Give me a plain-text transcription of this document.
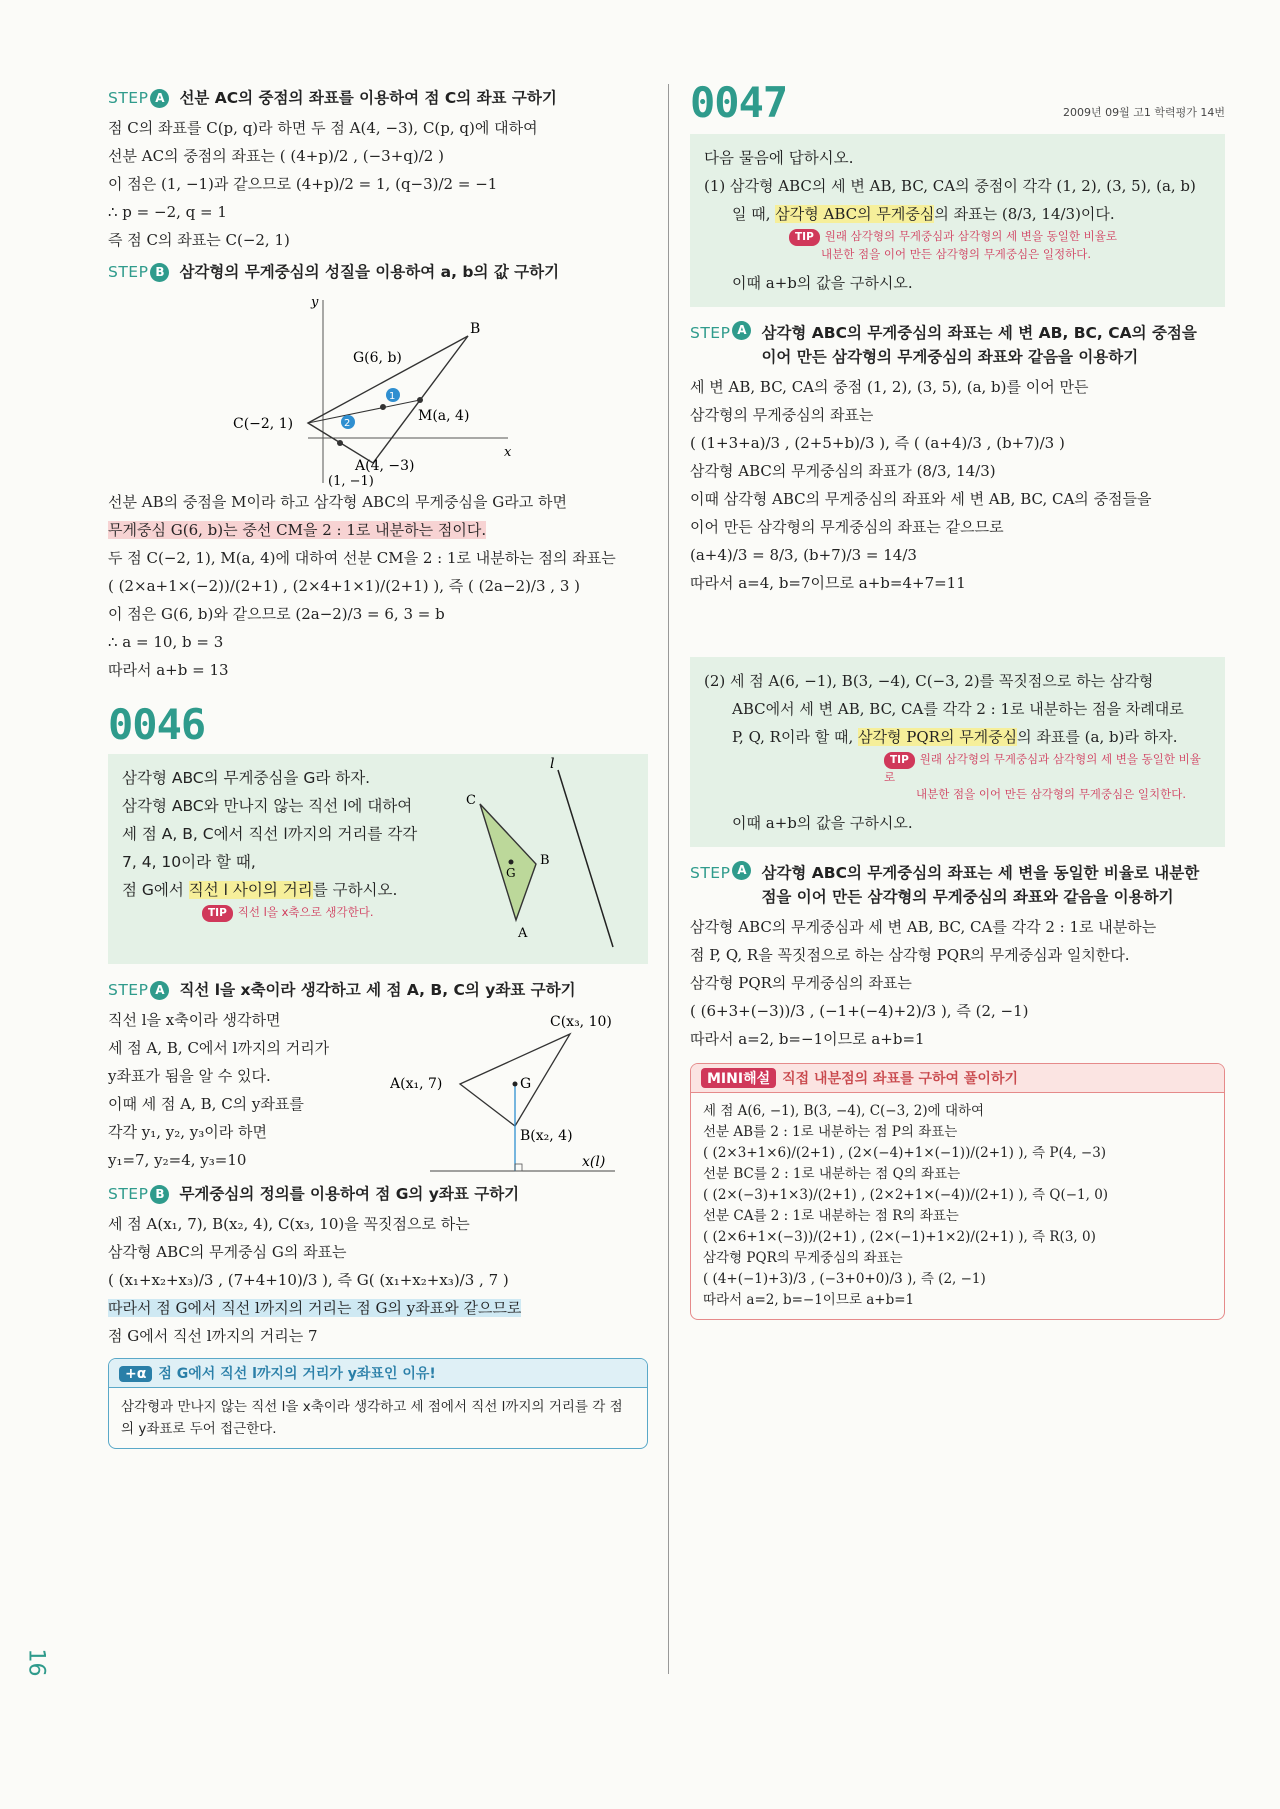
16
STEP A 선분 AC의 중점의 좌표를 이용하여 점 C의 좌표 구하기
점 C의 좌표를 C(p, q)라 하면 두 점 A(4, −3), C(p, q)에 대하여
선분 AC의 중점의 좌표는 ( (4+p)/2 , (−3+q)/2 )
이 점은 (1, −1)과 같으므로 (4+p)/2 = 1, (q−3)/2 = −1
∴ p = −2, q = 1
즉 점 C의 좌표는 C(−2, 1)
STEP B 삼각형의 무게중심의 성질을 이용하여 a, b의 값 구하기
y
x
1
2
B
G(6, b)
M(a, 4)
C(−2, 1)
A(4, −3)
(1, −1)
선분 AB의 중점을 M이라 하고 삼각형 ABC의 무게중심을 G라고 하면
무게중심 G(6, b)는 중선 CM을 2 : 1로 내분하는 점이다.
두 점 C(−2, 1), M(a, 4)에 대하여 선분 CM을 2 : 1로 내분하는 점의 좌표는
( (2×a+1×(−2))/(2+1) , (2×4+1×1)/(2+1) ), 즉 ( (2a−2)/3 , 3 )
이 점은 G(6, b)와 같으므로 (2a−2)/3 = 6, 3 = b
∴ a = 10, b = 3
따라서 a+b = 13
0046
삼각형 ABC의 무게중심을 G라 하자.
삼각형 ABC와 만나지 않는 직선 l에 대하여
세 점 A, B, C에서 직선 l까지의 거리를 각각
7, 4, 10이라 할 때,
점 G에서 직선 l 사이의 거리를 구하시오.
TIP 직선 l을 x축으로 생각한다.
l
C
B
G
A
STEP A 직선 l을 x축이라 생각하고 세 점 A, B, C의 y좌표 구하기
직선 l을 x축이라 생각하면
세 점 A, B, C에서 l까지의 거리가
y좌표가 됨을 알 수 있다.
이때 세 점 A, B, C의 y좌표를
각각 y₁, y₂, y₃이라 하면
y₁=7, y₂=4, y₃=10
C(x₃, 10)
A(x₁, 7)	G
B(x₂, 4)
x(l)
STEP B 무게중심의 정의를 이용하여 점 G의 y좌표 구하기
세 점 A(x₁, 7), B(x₂, 4), C(x₃, 10)을 꼭짓점으로 하는
삼각형 ABC의 무게중심 G의 좌표는
( (x₁+x₂+x₃)/3 , (7+4+10)/3 ), 즉 G( (x₁+x₂+x₃)/3 , 7 )
따라서 점 G에서 직선 l까지의 거리는 점 G의 y좌표와 같으므로
점 G에서 직선 l까지의 거리는 7
+α 점 G에서 직선 l까지의 거리가 y좌표인 이유!
삼각형과 만나지 않는 직선 l을 x축이라 생각하고 세 점에서 직선 l까지의 거리를 각 점의 y좌표로 두어 접근한다.
0047	2009년 09월 고1 학력평가 14번
다음 물음에 답하시오.
(1) 삼각형 ABC의 세 변 AB, BC, CA의 중점이 각각 (1, 2), (3, 5), (a, b)
일 때, 삼각형 ABC의 무게중심의 좌표는 (8/3, 14/3)이다.
TIP 원래 삼각형의 무게중심과 삼각형의 세 변을 동일한 비율로
내분한 점을 이어 만든 삼각형의 무게중심은 일정하다.
이때 a+b의 값을 구하시오.
STEP A 삼각형 ABC의 무게중심의 좌표는 세 변 AB, BC, CA의 중점을
이어 만든 삼각형의 무게중심의 좌표와 같음을 이용하기
세 변 AB, BC, CA의 중점 (1, 2), (3, 5), (a, b)를 이어 만든
삼각형의 무게중심의 좌표는
( (1+3+a)/3 , (2+5+b)/3 ), 즉 ( (a+4)/3 , (b+7)/3 )
삼각형 ABC의 무게중심의 좌표가 (8/3, 14/3)
이때 삼각형 ABC의 무게중심의 좌표와 세 변 AB, BC, CA의 중점들을
이어 만든 삼각형의 무게중심의 좌표는 같으므로
(a+4)/3 = 8/3, (b+7)/3 = 14/3
따라서 a=4, b=7이므로 a+b=4+7=11
(2) 세 점 A(6, −1), B(3, −4), C(−3, 2)를 꼭짓점으로 하는 삼각형
ABC에서 세 변 AB, BC, CA를 각각 2 : 1로 내분하는 점을 차례대로
P, Q, R이라 할 때, 삼각형 PQR의 무게중심의 좌표를 (a, b)라 하자.
TIP 원래 삼각형의 무게중심과 삼각형의 세 변을 동일한 비율로
내분한 점을 이어 만든 삼각형의 무게중심은 일치한다.
이때 a+b의 값을 구하시오.
STEP A 삼각형 ABC의 무게중심의 좌표는 세 변을 동일한 비율로 내분한
점을 이어 만든 삼각형의 무게중심의 좌표와 같음을 이용하기
삼각형 ABC의 무게중심과 세 변 AB, BC, CA를 각각 2 : 1로 내분하는
점 P, Q, R을 꼭짓점으로 하는 삼각형 PQR의 무게중심과 일치한다.
삼각형 PQR의 무게중심의 좌표는
( (6+3+(−3))/3 , (−1+(−4)+2)/3 ), 즉 (2, −1)
따라서 a=2, b=−1이므로 a+b=1
MINI해설 직접 내분점의 좌표를 구하여 풀이하기
세 점 A(6, −1), B(3, −4), C(−3, 2)에 대하여
선분 AB를 2 : 1로 내분하는 점 P의 좌표는
( (2×3+1×6)/(2+1) , (2×(−4)+1×(−1))/(2+1) ), 즉 P(4, −3)
선분 BC를 2 : 1로 내분하는 점 Q의 좌표는
( (2×(−3)+1×3)/(2+1) , (2×2+1×(−4))/(2+1) ), 즉 Q(−1, 0)
선분 CA를 2 : 1로 내분하는 점 R의 좌표는
( (2×6+1×(−3))/(2+1) , (2×(−1)+1×2)/(2+1) ), 즉 R(3, 0)
삼각형 PQR의 무게중심의 좌표는
( (4+(−1)+3)/3 , (−3+0+0)/3 ), 즉 (2, −1)
따라서 a=2, b=−1이므로 a+b=1
